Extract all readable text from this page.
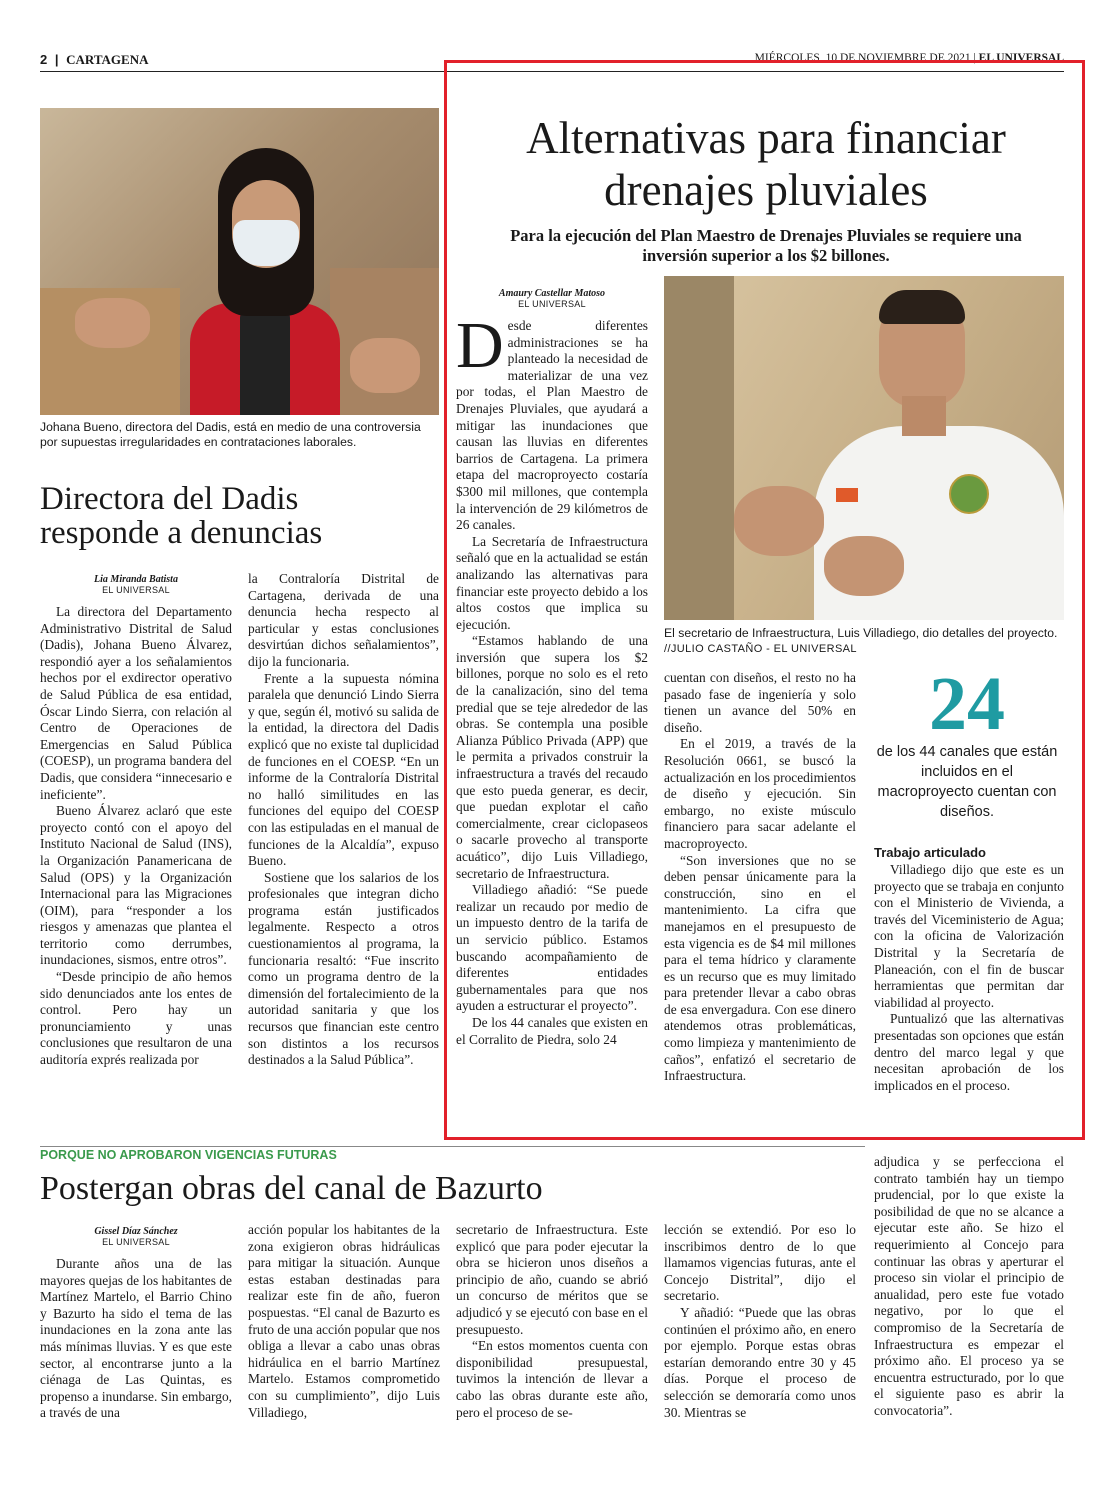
2 | CARTAGENA	MIÉRCOLES, 10 DE NOVIEMBRE DE 2021 | EL UNIVERSAL
Johana Bueno, directora del Dadis, está en medio de una controversia por supuestas irregularidades en contrataciones laborales.
Directora del Dadis responde a denuncias
Lia Miranda Batista
EL UNIVERSAL

La directora del Departamento Administrativo Distrital de Salud (Dadis), Johana Bueno Álvarez, respondió ayer a los señalamientos hechos por el exdirector operativo de Salud Pública de esa entidad, Óscar Lindo Sierra, con relación al Centro de Operaciones de Emergencias en Salud Pública (COESP), un programa bandera del Dadis, que considera “innecesario e ineficiente”.

Bueno Álvarez aclaró que este proyecto contó con el apoyo del Instituto Nacional de Salud (INS), la Organización Panamericana de Salud (OPS) y la Organización Internacional para las Migraciones (OIM), para “responder a los riesgos y amenazas que plantea el territorio como derrumbes, inundaciones, sismos, entre otros”.

“Desde principio de año hemos sido denunciados ante los entes de control. Pero hay un pronunciamiento y unas conclusiones que resultaron de una auditoría exprés realizada por

la Contraloría Distrital de Cartagena, derivada de una denuncia hecha respecto al particular y estas conclusiones desvirtúan dichos señalamientos”, dijo la funcionaria.

Frente a la supuesta nómina paralela que denunció Lindo Sierra y que, según él, motivó su salida de la entidad, la directora del Dadis explicó que no existe tal duplicidad de funciones en el COESP. “En un informe de la Contraloría Distrital no halló similitudes en las funciones del equipo del COESP con las estipuladas en el manual de funciones de la Alcaldía”, expuso Bueno.

Sostiene que los salarios de los profesionales que integran dicho programa están justificados legalmente. Respecto a otros cuestionamientos al programa, la funcionaria resaltó: “Fue inscrito como un programa dentro de la dimensión del fortalecimiento de la autoridad sanitaria y que los recursos que financian este centro son distintos a los recursos destinados a la Salud Pública”.

Alternativas para financiar drenajes pluviales
Para la ejecución del Plan Maestro de Drenajes Pluviales se requiere una inversión superior a los $2 billones.
Amaury Castellar Matoso
EL UNIVERSAL

Desde diferentes administraciones se ha planteado la necesidad de materializar de una vez por todas, el Plan Maestro de Drenajes Pluviales, que ayudará a mitigar las inundaciones que causan las lluvias en diferentes barrios de Cartagena. La primera etapa del macroproyecto costaría $300 mil millones, que contempla la intervención de 29 kilómetros de 26 canales.

La Secretaría de Infraestructura señaló que en la actualidad se están analizando las alternativas para financiar este proyecto debido a los altos costos que implica su ejecución.

“Estamos hablando de una inversión que supera los $2 billones, porque no solo es el reto de la canalización, sino del tema predial que se teje alrededor de las obras. Se contempla una posible Alianza Público Privada (APP) que le permita a privados construir la infraestructura a través del recaudo que esto pueda generar, es decir, que puedan explotar el caño comercialmente, crear ciclopaseos o sacarle provecho al transporte acuático”, dijo Luis Villadiego, secretario de Infraestructura.

Villadiego añadió: “Se puede realizar un recaudo por medio de un impuesto dentro de la tarifa de un servicio público. Estamos buscando acompañamiento de diferentes entidades gubernamentales para que nos ayuden a estructurar el proyecto”.

De los 44 canales que existen en el Corralito de Piedra, solo 24

El secretario de Infraestructura, Luis Villadiego, dio detalles del proyecto. //JULIO CASTAÑO - EL UNIVERSAL

cuentan con diseños, el resto no ha pasado fase de ingeniería y solo tienen un avance del 50% en diseño.

En el 2019, a través de la Resolución 0661, se buscó la actualización en los procedimientos de diseño y ejecución. Sin embargo, no existe músculo financiero para sacar adelante el macroproyecto.

“Son inversiones que no se deben pensar únicamente para la construcción, sino en el mantenimiento. La cifra que manejamos en el presupuesto de esta vigencia es de $4 mil millones para el tema hídrico y claramente es un recurso que es muy limitado para pretender llevar a cabo obras de esa envergadura. Con ese dinero atendemos otras problemáticas, como limpieza y mantenimiento de caños”, enfatizó el secretario de Infraestructura.

24
de los 44 canales que están incluidos en el macroproyecto cuentan con diseños.
Trabajo articulado

Villadiego dijo que este es un proyecto que se trabaja en conjunto con el Ministerio de Vivienda, a través del Viceministerio de Agua; con la oficina de Valorización Distrital y la Secretaría de Planeación, con el fin de buscar herramientas que permitan dar viabilidad al proyecto.

Puntualizó que las alternativas presentadas son opciones que están dentro del marco legal y que necesitan aprobación de los implicados en el proceso.

PORQUE NO APROBARON VIGENCIAS FUTURAS
Postergan obras del canal de Bazurto
Gissel Díaz Sánchez
EL UNIVERSAL

Durante años una de las mayores quejas de los habitantes de Martínez Martelo, el Barrio Chino y Bazurto ha sido el tema de las inundaciones en la zona ante las más mínimas lluvias. Y es que este sector, al encontrarse junto a la ciénaga de Las Quintas, es propenso a inundarse. Sin embargo, a través de una

acción popular los habitantes de la zona exigieron obras hidráulicas para mitigar la situación. Aunque estas estaban destinadas para realizar este fin de año, fueron pospuestas. “El canal de Bazurto es fruto de una acción popular que nos obliga a llevar a cabo unas obras hidráulica en el barrio Martínez Martelo. Estamos comprometido con su cumplimiento”, dijo Luis Villadiego,

secretario de Infraestructura. Este explicó que para poder ejecutar la obra se hicieron unos diseños a principio de año, cuando se abrió un concurso de méritos que se adjudicó y se ejecutó con base en el presupuesto.

“En estos momentos cuenta con disponibilidad presupuestal, tuvimos la intención de llevar a cabo las obras durante este año, pero el proceso de se-

lección se extendió. Por eso lo inscribimos dentro de lo que llamamos vigencias futuras, ante el Concejo Distrital”, dijo el secretario.

Y añadió: “Puede que las obras continúen el próximo año, en enero por ejemplo. Porque estas obras estarían demorando entre 30 y 45 días. Porque el proceso de selección se demoraría como unos 30. Mientras se

adjudica y se perfecciona el contrato también hay un tiempo prudencial, por lo que existe la posibilidad de que no se alcance a ejecutar este año. Se hizo el requerimiento al Concejo para continuar las obras y aperturar el proceso sin violar el principio de anualidad, pero este fue votado negativo, por lo que el compromiso de la Secretaría de Infraestructura es empezar el próximo año. El proceso ya se encuentra estructurado, por lo que el siguiente paso es abrir la convocatoria”.
